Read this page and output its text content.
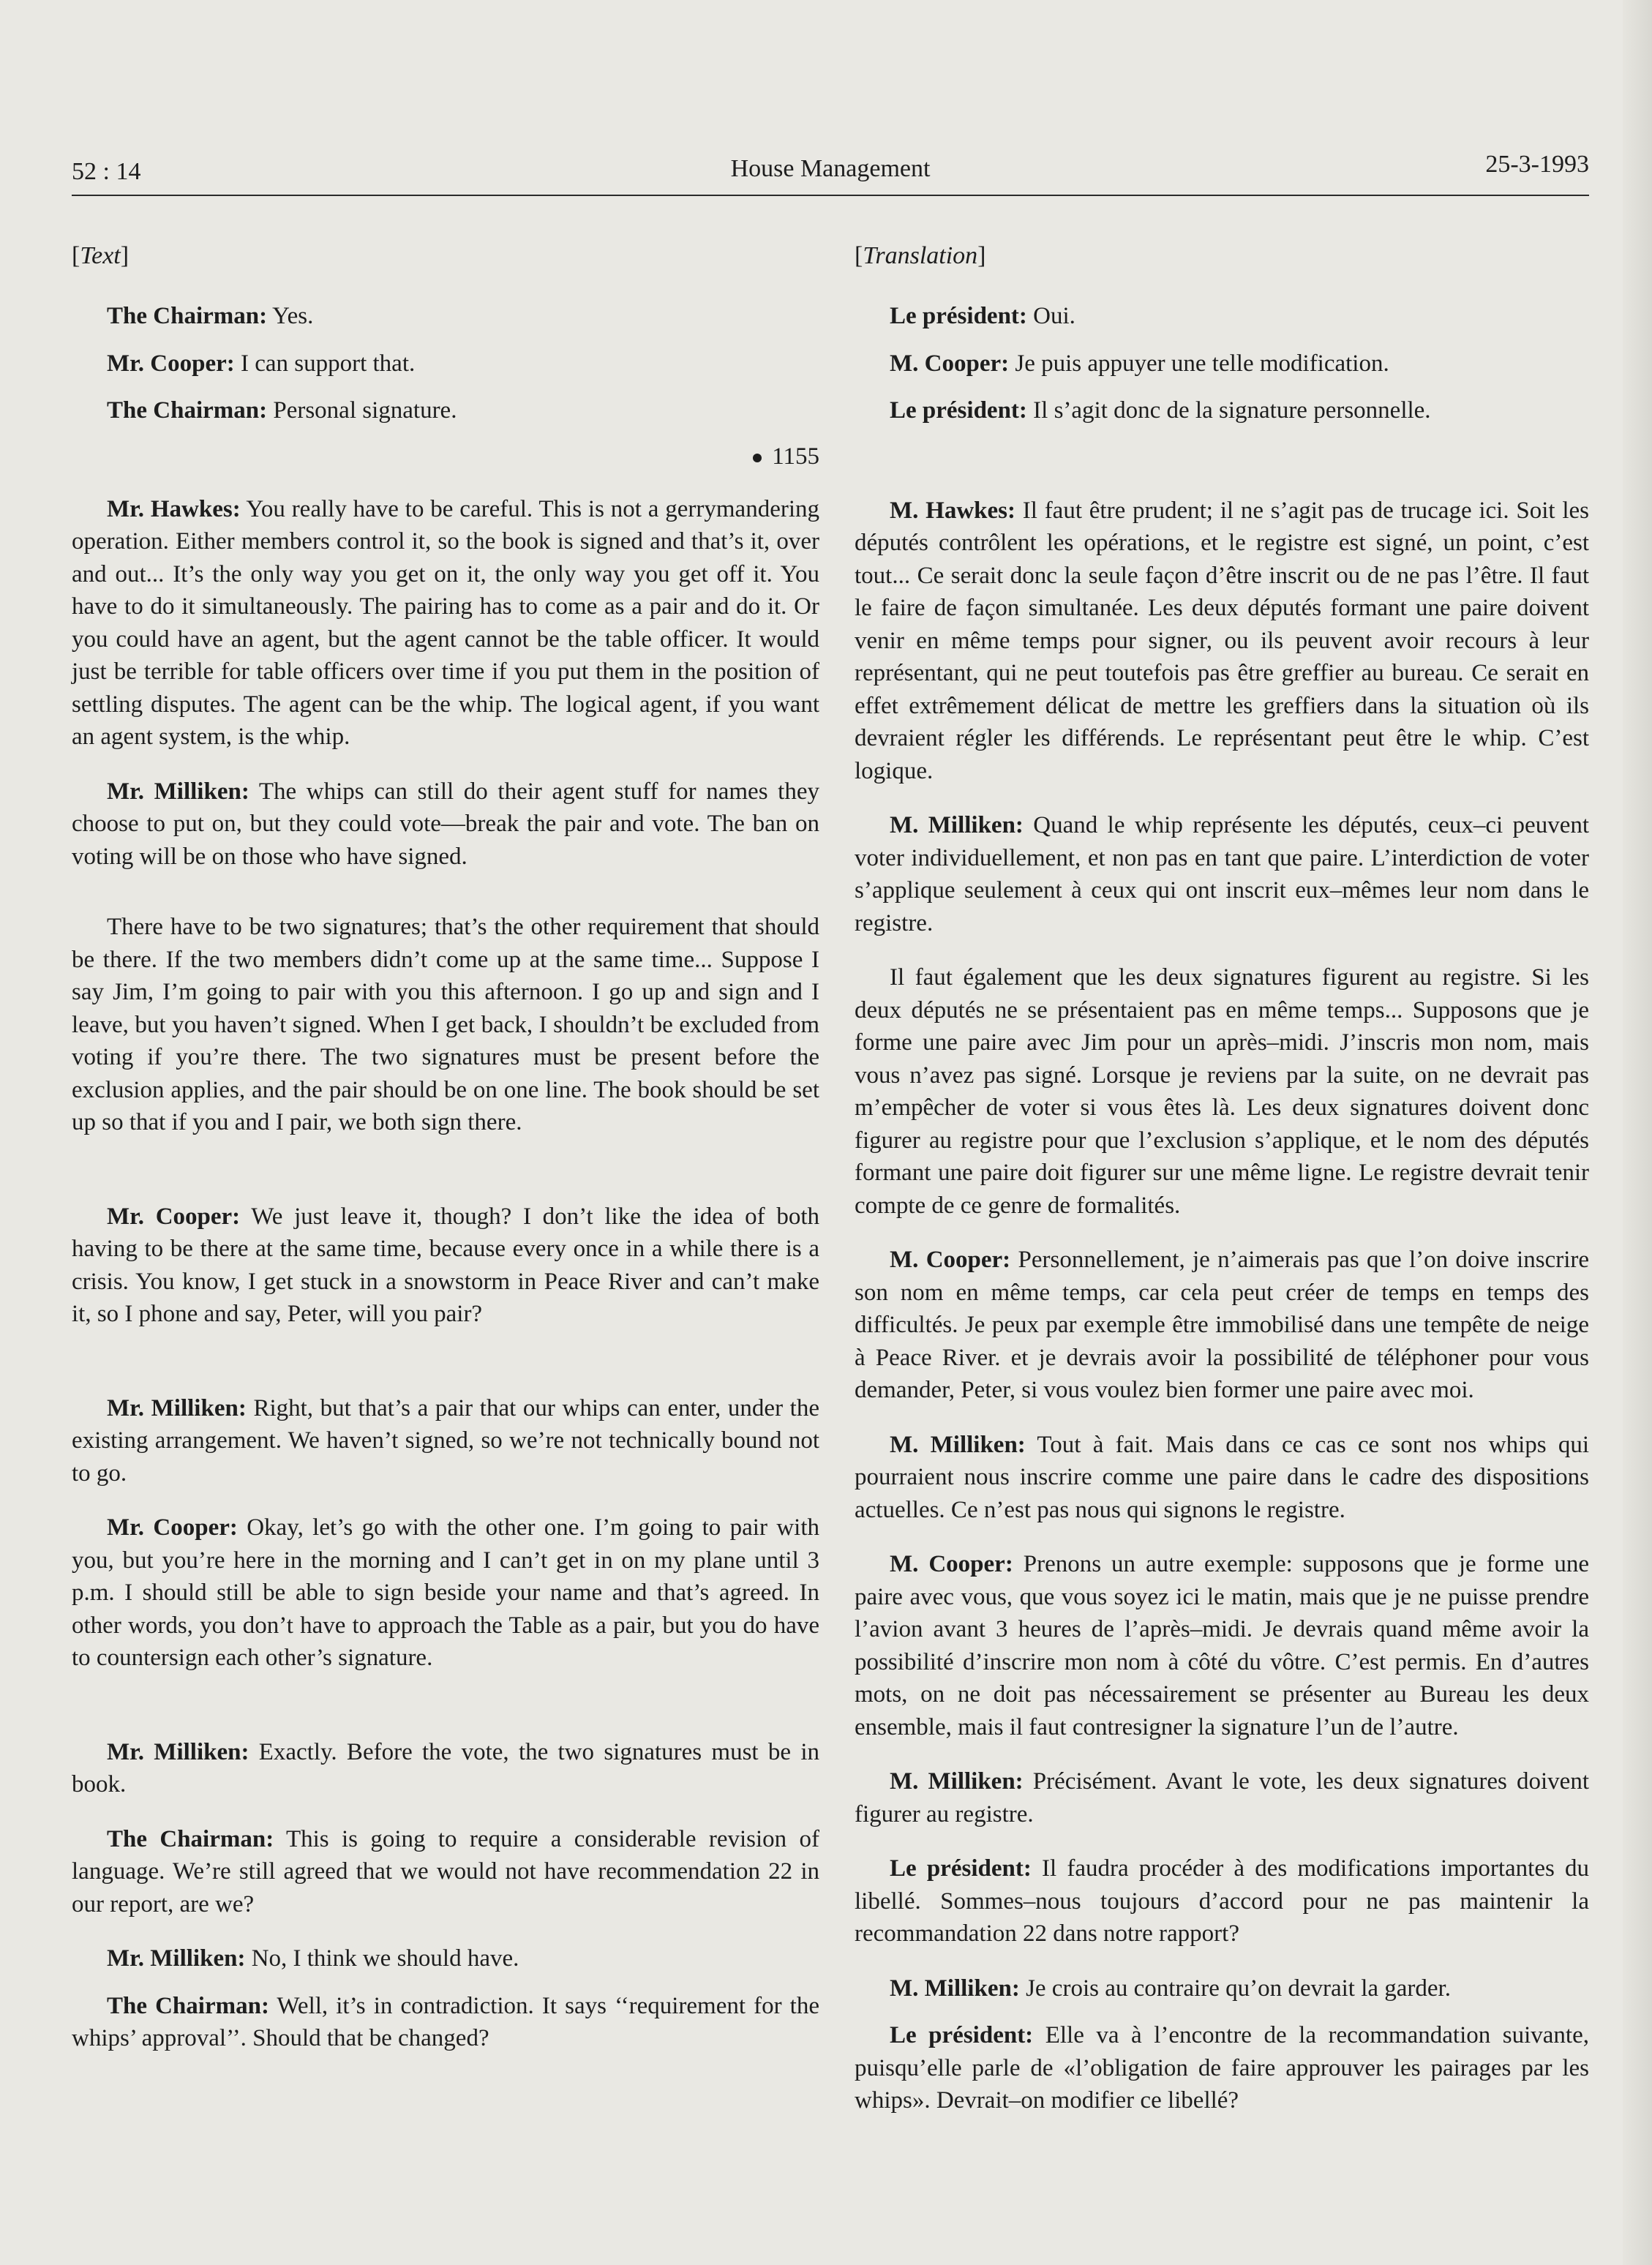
52 : 14	House Management	25-3-1993
[Text]

The Chairman: Yes.

Mr. Cooper: I can support that.

The Chairman: Personal signature.

1155

Mr. Hawkes: You really have to be careful. This is not a gerrymandering operation. Either members control it, so the book is signed and that’s it, over and out... It’s the only way you get on it, the only way you get off it. You have to do it simultaneously. The pairing has to come as a pair and do it. Or you could have an agent, but the agent cannot be the table officer. It would just be terrible for table officers over time if you put them in the position of settling disputes. The agent can be the whip. The logical agent, if you want an agent system, is the whip.

Mr. Milliken: The whips can still do their agent stuff for names they choose to put on, but they could vote—break the pair and vote. The ban on voting will be on those who have signed.

There have to be two signatures; that’s the other requirement that should be there. If the two members didn’t come up at the same time... Suppose I say Jim, I’m going to pair with you this afternoon. I go up and sign and I leave, but you haven’t signed. When I get back, I shouldn’t be excluded from voting if you’re there. The two signatures must be present before the exclusion applies, and the pair should be on one line. The book should be set up so that if you and I pair, we both sign there.

Mr. Cooper: We just leave it, though? I don’t like the idea of both having to be there at the same time, because every once in a while there is a crisis. You know, I get stuck in a snowstorm in Peace River and can’t make it, so I phone and say, Peter, will you pair?

Mr. Milliken: Right, but that’s a pair that our whips can enter, under the existing arrangement. We haven’t signed, so we’re not technically bound not to go.

Mr. Cooper: Okay, let’s go with the other one. I’m going to pair with you, but you’re here in the morning and I can’t get in on my plane until 3 p.m. I should still be able to sign beside your name and that’s agreed. In other words, you don’t have to approach the Table as a pair, but you do have to countersign each other’s signature.

Mr. Milliken: Exactly. Before the vote, the two signatures must be in book.

The Chairman: This is going to require a considerable revision of language. We’re still agreed that we would not have recommendation 22 in our report, are we?

Mr. Milliken: No, I think we should have.

The Chairman: Well, it’s in contradiction. It says ‘‘requirement for the whips’ approval’’. Should that be changed?

[Translation]

Le président: Oui.

M. Cooper: Je puis appuyer une telle modification.

Le président: Il s’agit donc de la signature personnelle.

M. Hawkes: Il faut être prudent; il ne s’agit pas de trucage ici. Soit les députés contrôlent les opérations, et le registre est signé, un point, c’est tout... Ce serait donc la seule façon d’être inscrit ou de ne pas l’être. Il faut le faire de façon simultanée. Les deux députés formant une paire doivent venir en même temps pour signer, ou ils peuvent avoir recours à leur représentant, qui ne peut toutefois pas être greffier au bureau. Ce serait en effet extrêmement délicat de mettre les greffiers dans la situation où ils devraient régler les différends. Le représentant peut être le whip. C’est logique.

M. Milliken: Quand le whip représente les députés, ceux–ci peuvent voter individuellement, et non pas en tant que paire. L’interdiction de voter s’applique seulement à ceux qui ont inscrit eux–mêmes leur nom dans le registre.

Il faut également que les deux signatures figurent au registre. Si les deux députés ne se présentaient pas en même temps... Supposons que je forme une paire avec Jim pour un après–midi. J’inscris mon nom, mais vous n’avez pas signé. Lorsque je reviens par la suite, on ne devrait pas m’empêcher de voter si vous êtes là. Les deux signatures doivent donc figurer au registre pour que l’exclusion s’applique, et le nom des députés formant une paire doit figurer sur une même ligne. Le registre devrait tenir compte de ce genre de formalités.

M. Cooper: Personnellement, je n’aimerais pas que l’on doive inscrire son nom en même temps, car cela peut créer de temps en temps des difficultés. Je peux par exemple être immobilisé dans une tempête de neige à Peace River. et je devrais avoir la possibilité de téléphoner pour vous demander, Peter, si vous voulez bien former une paire avec moi.

M. Milliken: Tout à fait. Mais dans ce cas ce sont nos whips qui pourraient nous inscrire comme une paire dans le cadre des dispositions actuelles. Ce n’est pas nous qui signons le registre.

M. Cooper: Prenons un autre exemple: supposons que je forme une paire avec vous, que vous soyez ici le matin, mais que je ne puisse prendre l’avion avant 3 heures de l’après–midi. Je devrais quand même avoir la possibilité d’inscrire mon nom à côté du vôtre. C’est permis. En d’autres mots, on ne doit pas nécessairement se présenter au Bureau les deux ensemble, mais il faut contresigner la signature l’un de l’autre.

M. Milliken: Précisément. Avant le vote, les deux signatures doivent figurer au registre.

Le président: Il faudra procéder à des modifications importantes du libellé. Sommes–nous toujours d’accord pour ne pas maintenir la recommandation 22 dans notre rapport?

M. Milliken: Je crois au contraire qu’on devrait la garder.

Le président: Elle va à l’encontre de la recommandation suivante, puisqu’elle parle de «l’obligation de faire approuver les pairages par les whips». Devrait–on modifier ce libellé?
